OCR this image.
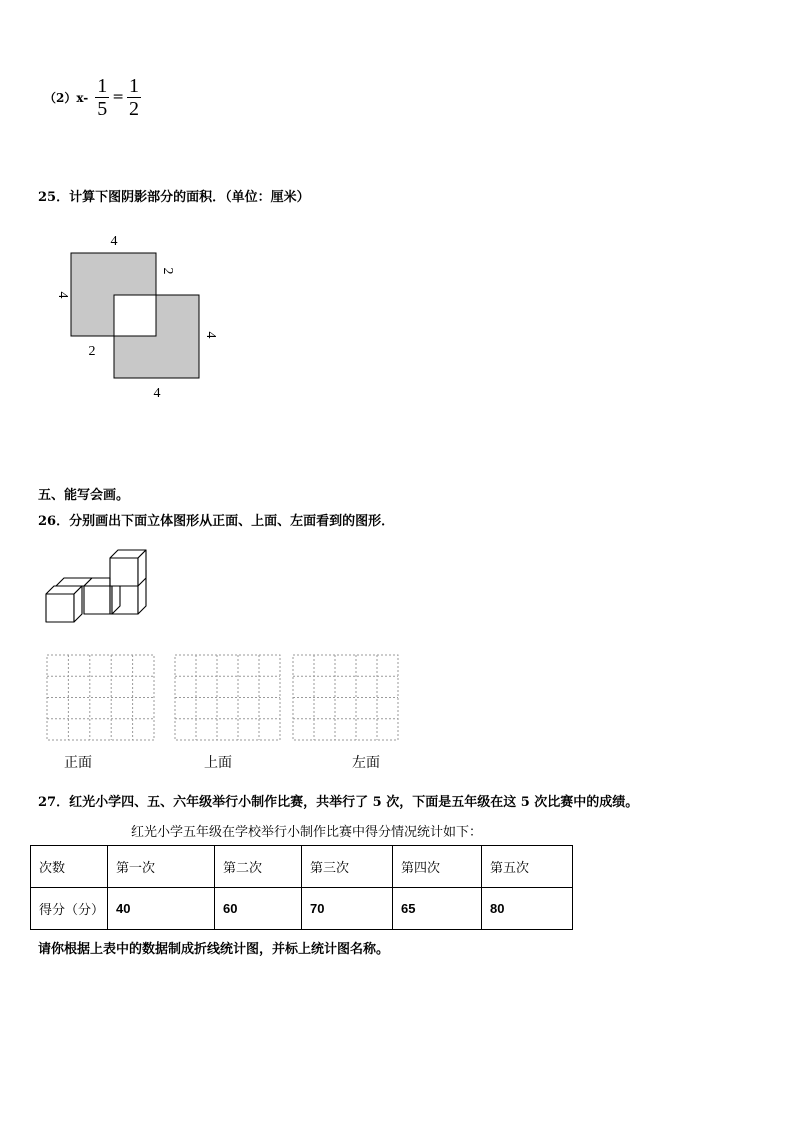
$(2)x- \frac{1}{5} = \frac{1}{2}$
25．计算下图阴影部分的面积．（单位：厘米）
4
4
2
4
2
4
五、能写会画。
26．分别画出下面立体图形从正面、上面、左面看到的图形．
正面	上面	左面
27．红光小学四、五、六年级举行小制作比赛，共举行了 5 次，下面是五年级在这 5 次比赛中的成绩。
红光小学五年级在学校举行小制作比赛中得分情况统计如下：
次数	第一次	第二次	第三次	第四次	第五次
得分（分）	40	60	70	65	80
请你根据上表中的数据制成折线统计图，并标上统计图名称。
